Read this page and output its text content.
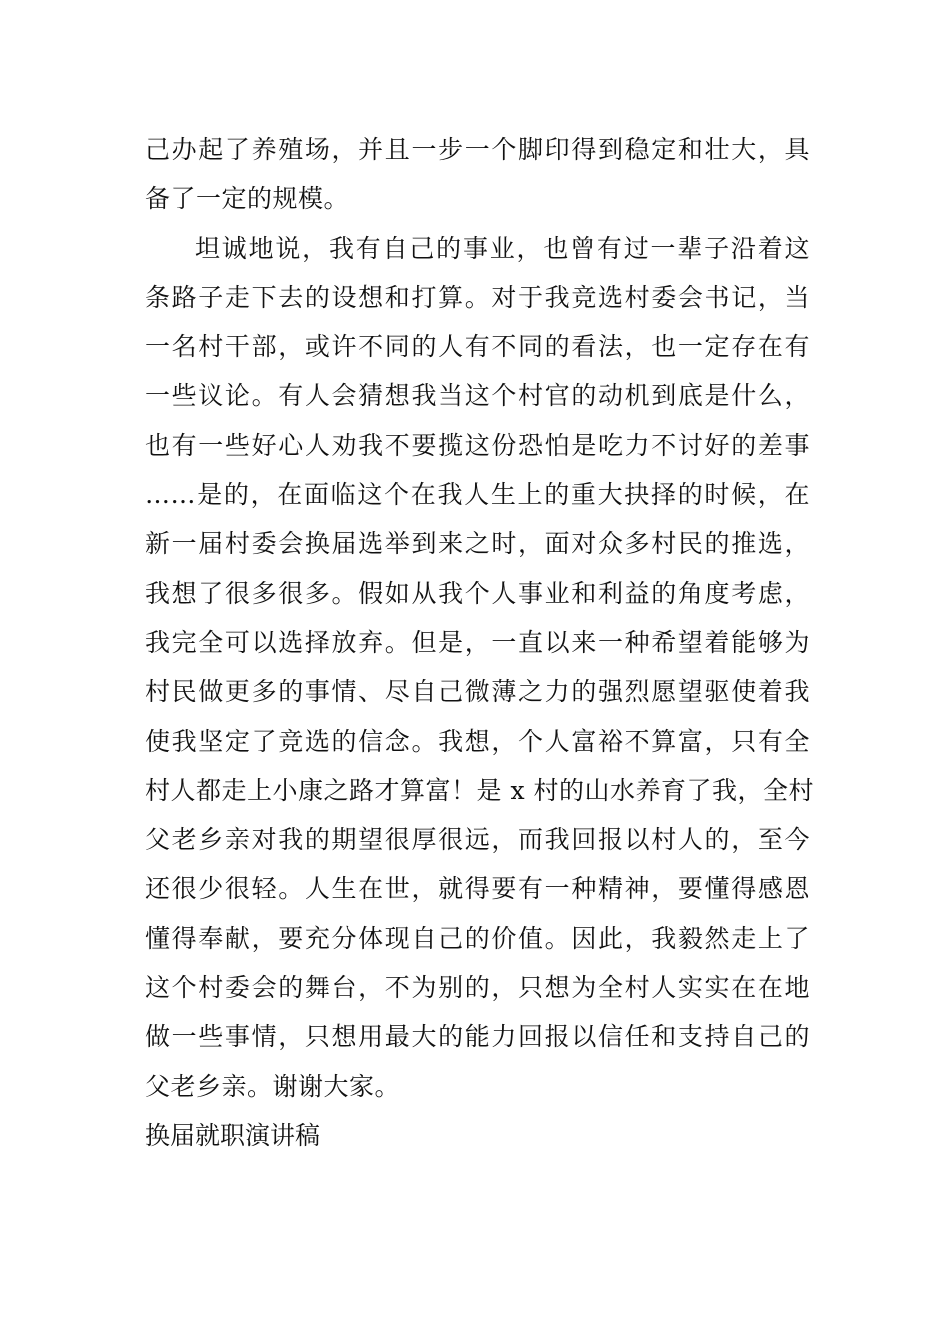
己办起了养殖场，并且一步一个脚印得到稳定和壮大，具
备了一定的规模。
坦诚地说，我有自己的事业，也曾有过一辈子沿着这
条路子走下去的设想和打算。对于我竞选村委会书记，当
一名村干部，或许不同的人有不同的看法，也一定存在有
一些议论。有人会猜想我当这个村官的动机到底是什么，
也有一些好心人劝我不要揽这份恐怕是吃力不讨好的差事
……是的，在面临这个在我人生上的重大抉择的时候，在
新一届村委会换届选举到来之时，面对众多村民的推选，
我想了很多很多。假如从我个人事业和利益的角度考虑，
我完全可以选择放弃。但是，一直以来一种希望着能够为
村民做更多的事情、尽自己微薄之力的强烈愿望驱使着我
使我坚定了竞选的信念。我想，个人富裕不算富，只有全
村人都走上小康之路才算富！是 x 村的山水养育了我，全村
父老乡亲对我的期望很厚很远，而我回报以村人的，至今
还很少很轻。人生在世，就得要有一种精神，要懂得感恩
懂得奉献，要充分体现自己的价值。因此，我毅然走上了
这个村委会的舞台，不为别的，只想为全村人实实在在地
做一些事情，只想用最大的能力回报以信任和支持自己的
父老乡亲。谢谢大家。
换届就职演讲稿
